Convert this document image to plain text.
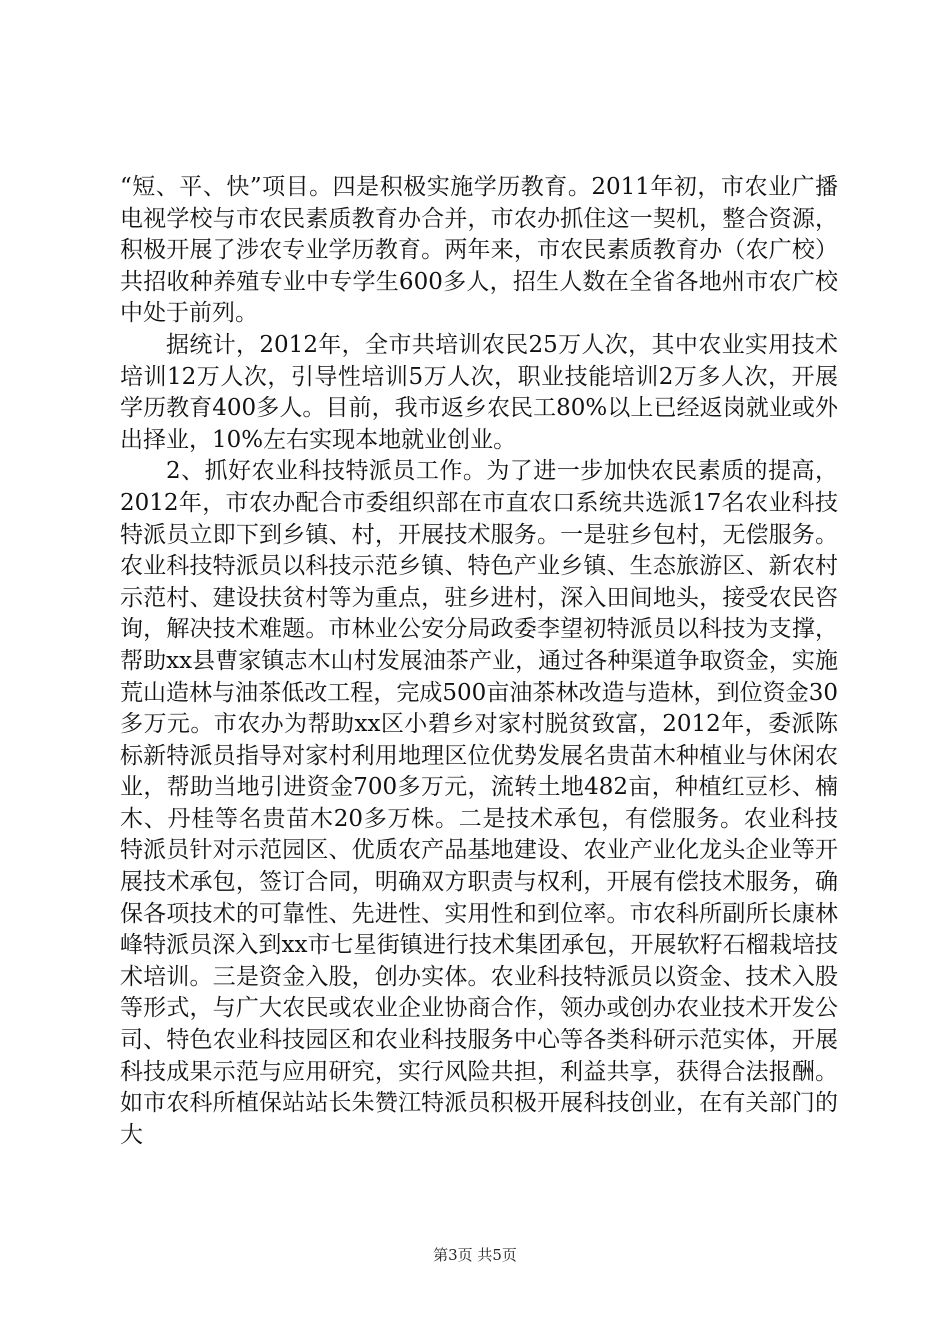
“短、平、快”项目。四是积极实施学历教育。2011年初，市农业广播电视学校与市农民素质教育办合并，市农办抓住这一契机，整合资源，积极开展了涉农专业学历教育。两年来，市农民素质教育办（农广校）共招收种养殖专业中专学生600多人，招生人数在全省各地州市农广校中处于前列。

据统计，2012年，全市共培训农民25万人次，其中农业实用技术培训12万人次，引导性培训5万人次，职业技能培训2万多人次，开展学历教育400多人。目前，我市返乡农民工80%以上已经返岗就业或外出择业，10%左右实现本地就业创业。

2、抓好农业科技特派员工作。为了进一步加快农民素质的提高，2012年，市农办配合市委组织部在市直农口系统共选派17名农业科技特派员立即下到乡镇、村，开展技术服务。一是驻乡包村，无偿服务。农业科技特派员以科技示范乡镇、特色产业乡镇、生态旅游区、新农村示范村、建设扶贫村等为重点，驻乡进村，深入田间地头，接受农民咨询，解决技术难题。市林业公安分局政委李望初特派员以科技为支撑，帮助xx县曹家镇志木山村发展油茶产业，通过各种渠道争取资金，实施荒山造林与油茶低改工程，完成500亩油茶林改造与造林，到位资金30多万元。市农办为帮助xx区小碧乡对家村脱贫致富，2012年，委派陈标新特派员指导对家村利用地理区位优势发展名贵苗木种植业与休闲农业，帮助当地引进资金700多万元，流转土地482亩，种植红豆杉、楠木、丹桂等名贵苗木20多万株。二是技术承包，有偿服务。农业科技特派员针对示范园区、优质农产品基地建设、农业产业化龙头企业等开展技术承包，签订合同，明确双方职责与权利，开展有偿技术服务，确保各项技术的可靠性、先进性、实用性和到位率。市农科所副所长康林峰特派员深入到xx市七星街镇进行技术集团承包，开展软籽石榴栽培技术培训。三是资金入股，创办实体。农业科技特派员以资金、技术入股等形式，与广大农民或农业企业协商合作，领办或创办农业技术开发公司、特色农业科技园区和农业科技服务中心等各类科研示范实体，开展科技成果示范与应用研究，实行风险共担，利益共享，获得合法报酬。如市农科所植保站站长朱赞江特派员积极开展科技创业，在有关部门的大

第3页 共5页
